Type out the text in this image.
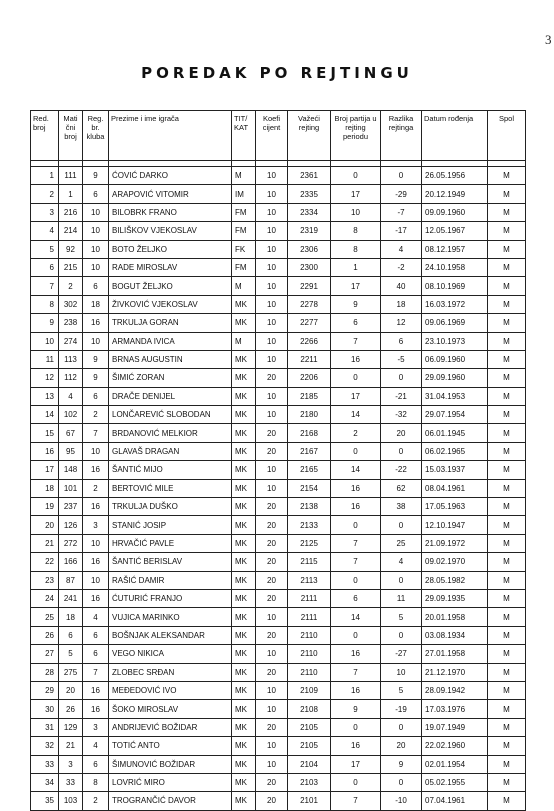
3
POREDAK PO REJTINGU
Red. broj	Mati čni broj	Reg. br. kluba	Prezime i ime igrača	TIT/ KAT	Koefi cijent	Važeći rejting	Broj partija u rejting periodu	Razlika rejtinga	Datum rođenja	Spol

1	111	9	ĆOVIĆ DARKO	M	10	2361	0	0	26.05.1956	M
2	1	6	ARAPOVIĆ VITOMIR	IM	10	2335	17	-29	20.12.1949	M
3	216	10	BILOBRK FRANO	FM	10	2334	10	-7	09.09.1960	M
4	214	10	BILIŠKOV VJEKOSLAV	FM	10	2319	8	-17	12.05.1967	M
5	92	10	BOTO ŽELJKO	FK	10	2306	8	4	08.12.1957	M
6	215	10	RADE MIROSLAV	FM	10	2300	1	-2	24.10.1958	M
7	2	6	BOGUT ŽELJKO	M	10	2291	17	40	08.10.1969	M
8	302	18	ŽIVKOVIĆ VJEKOSLAV	MK	10	2278	9	18	16.03.1972	M
9	238	16	TRKULJA GORAN	MK	10	2277	6	12	09.06.1969	M
10	274	10	ARMANDA IVICA	M	10	2266	7	6	23.10.1973	M
11	113	9	BRNAS AUGUSTIN	MK	10	2211	16	-5	06.09.1960	M
12	112	9	ŠIMIĆ ZORAN	MK	20	2206	0	0	29.09.1960	M
13	4	6	DRAČE DENIJEL	MK	10	2185	17	-21	31.04.1953	M
14	102	2	LONČAREVIĆ SLOBODAN	MK	10	2180	14	-32	29.07.1954	M
15	67	7	BRDANOVIĆ MELKIOR	MK	20	2168	2	20	06.01.1945	M
16	95	10	GLAVAŠ DRAGAN	MK	20	2167	0	0	06.02.1965	M
17	148	16	ŠANTIĆ MIJO	MK	10	2165	14	-22	15.03.1937	M
18	101	2	BERTOVIĆ MILE	MK	10	2154	16	62	08.04.1961	M
19	237	16	TRKULJA DUŠKO	MK	20	2138	16	38	17.05.1963	M
20	126	3	STANIĆ JOSIP	MK	20	2133	0	0	12.10.1947	M
21	272	10	HRVAČIĆ PAVLE	MK	20	2125	7	25	21.09.1972	M
22	166	16	ŠANTIĆ BERISLAV	MK	20	2115	7	4	09.02.1970	M
23	87	10	RAŠIĆ DAMIR	MK	20	2113	0	0	28.05.1982	M
24	241	16	ĆUTURIĆ FRANJO	MK	20	2111	6	11	29.09.1935	M
25	18	4	VUJICA MARINKO	MK	10	2111	14	5	20.01.1958	M
26	6	6	BOŠNJAK ALEKSANDAR	MK	20	2110	0	0	03.08.1934	M
27	5	6	VEGO NIKICA	MK	10	2110	16	-27	27.01.1958	M
28	275	7	ZLOBEC SRĐAN	MK	20	2110	7	10	21.12.1970	M
29	20	16	MEĐEDOVIĆ IVO	MK	10	2109	16	5	28.09.1942	M
30	26	16	ŠOKO MIROSLAV	MK	10	2108	9	-19	17.03.1976	M
31	129	3	ANDRIJEVIĆ BOŽIDAR	MK	20	2105	0	0	19.07.1949	M
32	21	4	TOTIĆ ANTO	MK	10	2105	16	20	22.02.1960	M
33	3	6	ŠIMUNOVIĆ BOŽIDAR	MK	10	2104	17	9	02.01.1954	M
34	33	8	LOVRIĆ MIRO	MK	20	2103	0	0	05.02.1955	M
35	103	2	TROGRANČIĆ DAVOR	MK	20	2101	7	-10	07.04.1961	M
